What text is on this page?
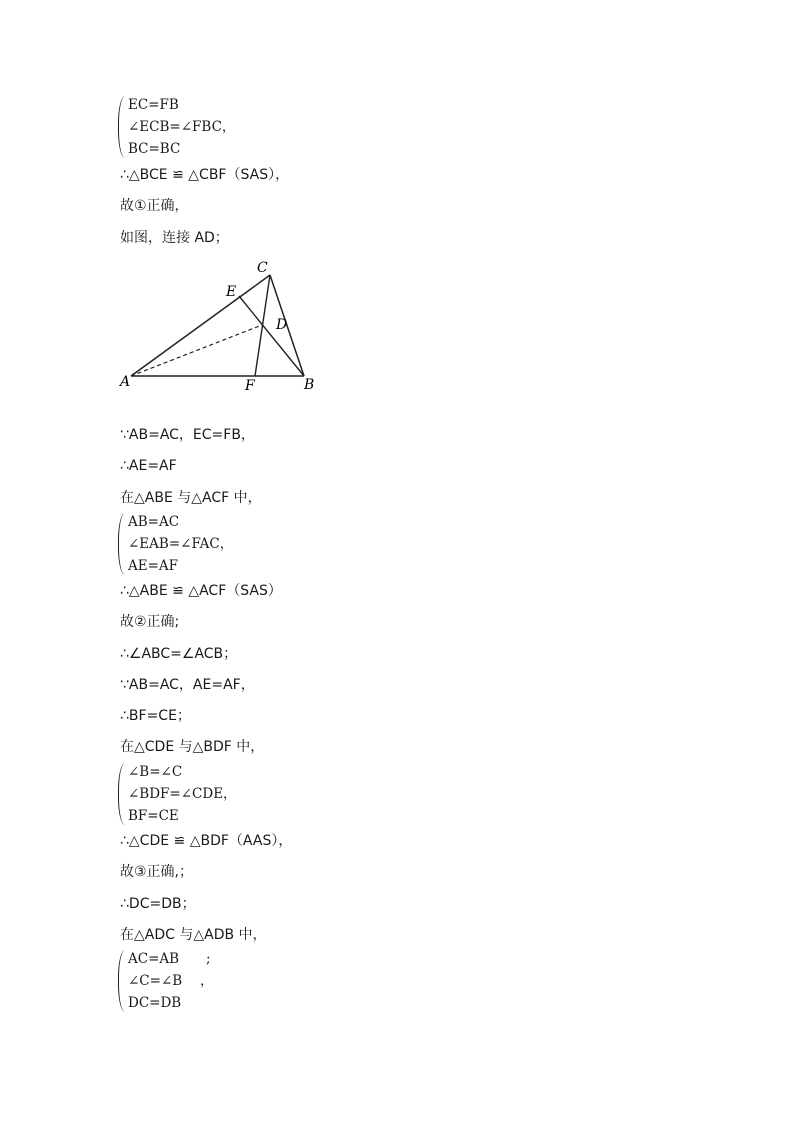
EC=FB
∠ECB=∠FBC，
BC=BC
∴△BCE ≌ △CBF（SAS），
故①正确，
如图，连接 AD；
C
E
D
A	F	B
∵AB=AC，EC=FB，
∴AE=AF
在△ABE 与△ACF 中，
AB=AC
∠EAB=∠FAC，
AE=AF
∴△ABE ≌ △ACF（SAS）
故②正确;
∴∠ABC=∠ACB；
∵AB=AC，AE=AF，
∴BF=CE；
在△CDE 与△BDF 中，
∠B=∠C
∠BDF=∠CDE，
BF=CE
∴△CDE ≌ △BDF（AAS），
故③正确,；
∴DC=DB；
在△ADC 与△ADB 中，
AC=AB　　;
∠C=∠B　 ，
DC=DB
